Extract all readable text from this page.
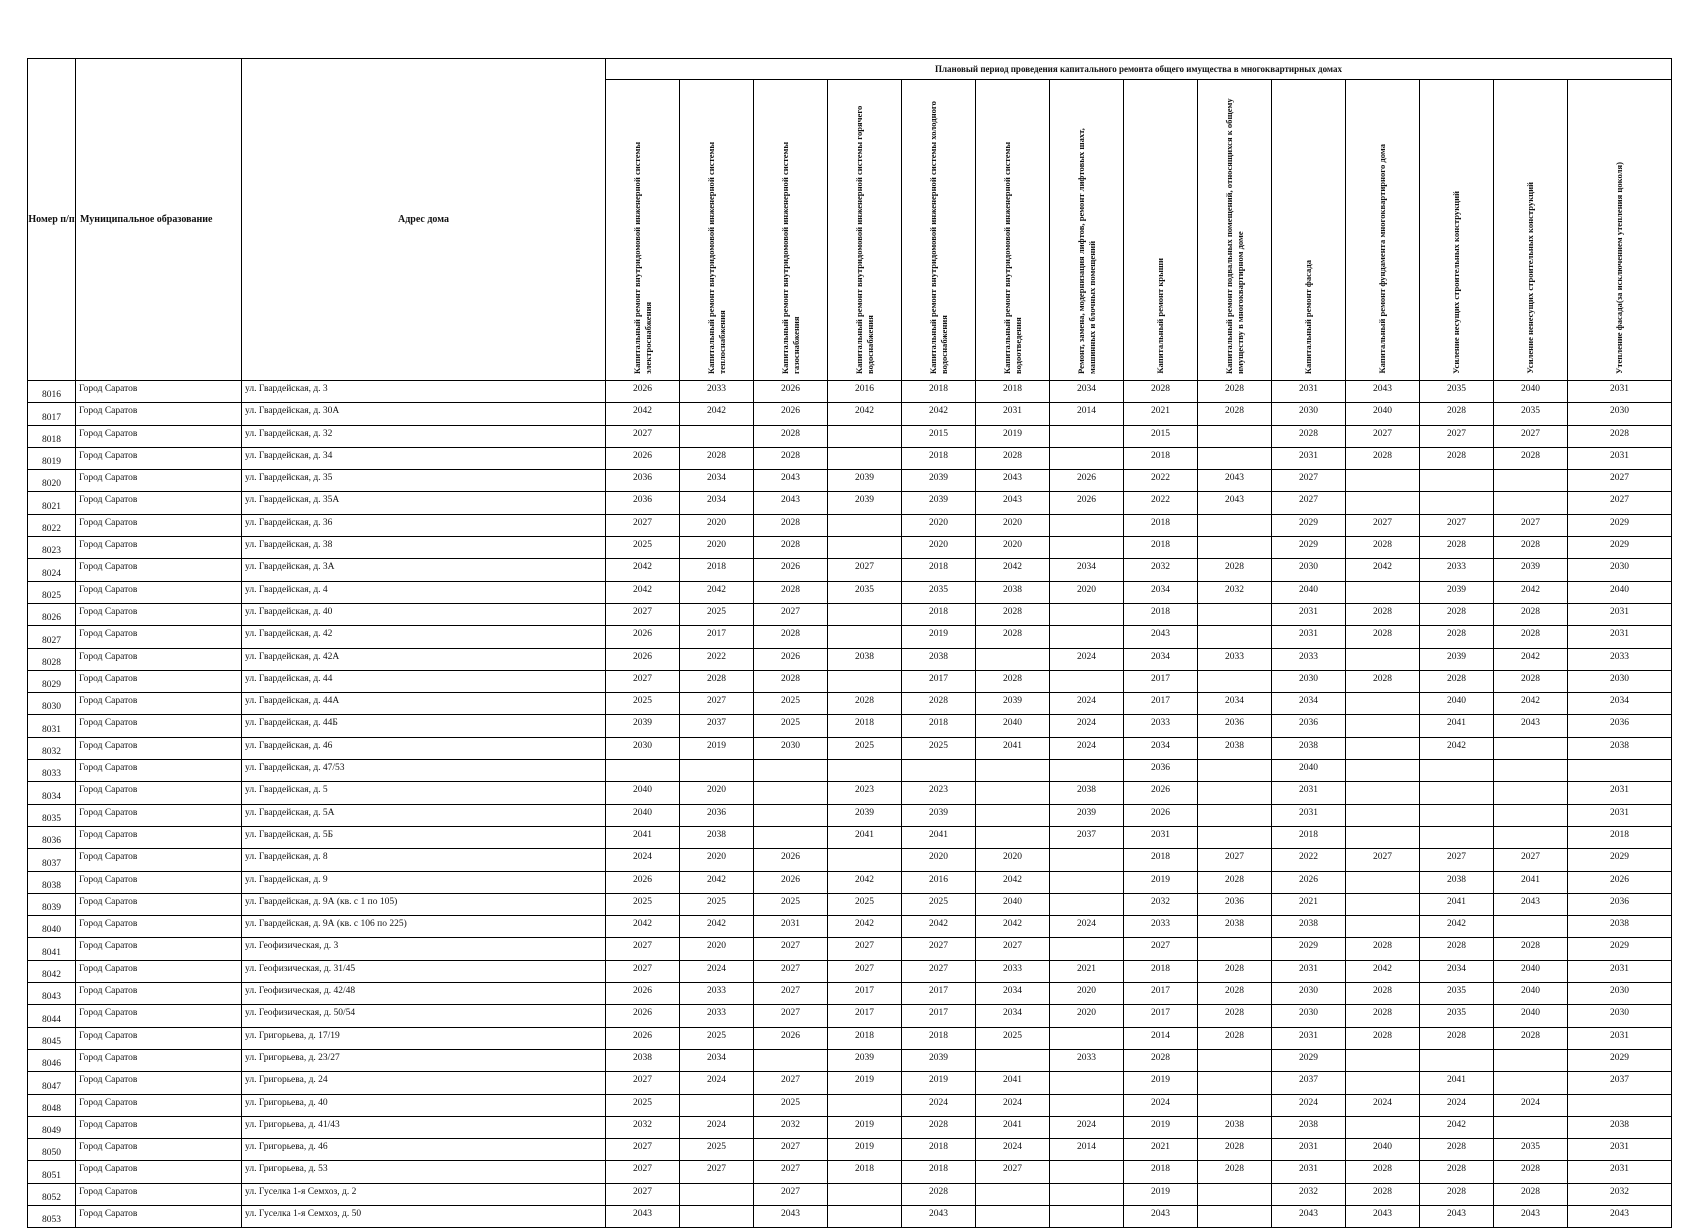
Номер п/п	Муниципальное образование	Адрес дома	Плановый период проведения капитального ремонта общего имущества в многоквартирных домах													

			Капитальный ремонт внутридомовой инженерной системы электроснабжения	Капитальный ремонт внутридомовой инженерной системы теплоснабжения	Капитальный ремонт внутридомовой инженерной системы газоснабжения	Капитальный ремонт внутридомовой инженерной системы горячего водоснабжения	Капитальный ремонт внутридомовой инженерной системы холодного водоснабжения	Капитальный ремонт внутридомовой инженерной системы водоотведения	Ремонт, замена, модернизация лифтов, ремонт лифтовых шахт, машинных и блочных помещений	Капитальный ремонт крыши	Капитальный ремонт подвальных помещений, относящихся к общему имуществу в многоквартирном доме	Капитальный ремонт фасада	Капитальный ремонт фундамента многоквартирного дома	Усиление несущих строительных конструкций	Усиление ненесущих строительных конструкций	Утепление фасада(за исключением утепления цоколя)

8016	Город Саратов	ул. Гвардейская, д. 3	2026	2033	2026	2016	2018	2018	2034	2028	2028	2031	2043	2035	2040	2031
8017	Город Саратов	ул. Гвардейская, д. 30А	2042	2042	2026	2042	2042	2031	2014	2021	2028	2030	2040	2028	2035	2030
8018	Город Саратов	ул. Гвардейская, д. 32	2027		2028		2015	2019		2015		2028	2027	2027	2027	2028
8019	Город Саратов	ул. Гвардейская, д. 34	2026	2028	2028		2018	2028		2018		2031	2028	2028	2028	2031
8020	Город Саратов	ул. Гвардейская, д. 35	2036	2034	2043	2039	2039	2043	2026	2022	2043	2027				2027
8021	Город Саратов	ул. Гвардейская, д. 35А	2036	2034	2043	2039	2039	2043	2026	2022	2043	2027				2027
8022	Город Саратов	ул. Гвардейская, д. 36	2027	2020	2028		2020	2020		2018		2029	2027	2027	2027	2029
8023	Город Саратов	ул. Гвардейская, д. 38	2025	2020	2028		2020	2020		2018		2029	2028	2028	2028	2029
8024	Город Саратов	ул. Гвардейская, д. 3А	2042	2018	2026	2027	2018	2042	2034	2032	2028	2030	2042	2033	2039	2030
8025	Город Саратов	ул. Гвардейская, д. 4	2042	2042	2028	2035	2035	2038	2020	2034	2032	2040		2039	2042	2040
8026	Город Саратов	ул. Гвардейская, д. 40	2027	2025	2027		2018	2028		2018		2031	2028	2028	2028	2031
8027	Город Саратов	ул. Гвардейская, д. 42	2026	2017	2028		2019	2028		2043		2031	2028	2028	2028	2031
8028	Город Саратов	ул. Гвардейская, д. 42А	2026	2022	2026	2038	2038		2024	2034	2033	2033		2039	2042	2033
8029	Город Саратов	ул. Гвардейская, д. 44	2027	2028	2028		2017	2028		2017		2030	2028	2028	2028	2030
8030	Город Саратов	ул. Гвардейская, д. 44А	2025	2027	2025	2028	2028	2039	2024	2017	2034	2034		2040	2042	2034
8031	Город Саратов	ул. Гвардейская, д. 44Б	2039	2037	2025	2018	2018	2040	2024	2033	2036	2036		2041	2043	2036
8032	Город Саратов	ул. Гвардейская, д. 46	2030	2019	2030	2025	2025	2041	2024	2034	2038	2038		2042		2038
8033	Город Саратов	ул. Гвардейская, д. 47/53								2036		2040				
8034	Город Саратов	ул. Гвардейская, д. 5	2040	2020		2023	2023		2038	2026		2031				2031
8035	Город Саратов	ул. Гвардейская, д. 5А	2040	2036		2039	2039		2039	2026		2031				2031
8036	Город Саратов	ул. Гвардейская, д. 5Б	2041	2038		2041	2041		2037	2031		2018				2018
8037	Город Саратов	ул. Гвардейская, д. 8	2024	2020	2026		2020	2020		2018	2027	2022	2027	2027	2027	2029
8038	Город Саратов	ул. Гвардейская, д. 9	2026	2042	2026	2042	2016	2042		2019	2028	2026		2038	2041	2026
8039	Город Саратов	ул. Гвардейская, д. 9А (кв. с 1 по 105)	2025	2025	2025	2025	2025	2040		2032	2036	2021		2041	2043	2036
8040	Город Саратов	ул. Гвардейская, д. 9А (кв. с 106 по 225)	2042	2042	2031	2042	2042	2042	2024	2033	2038	2038		2042		2038
8041	Город Саратов	ул. Геофизическая, д. 3	2027	2020	2027	2027	2027	2027		2027		2029	2028	2028	2028	2029
8042	Город Саратов	ул. Геофизическая, д. 31/45	2027	2024	2027	2027	2027	2033	2021	2018	2028	2031	2042	2034	2040	2031
8043	Город Саратов	ул. Геофизическая, д. 42/48	2026	2033	2027	2017	2017	2034	2020	2017	2028	2030	2028	2035	2040	2030
8044	Город Саратов	ул. Геофизическая, д. 50/54	2026	2033	2027	2017	2017	2034	2020	2017	2028	2030	2028	2035	2040	2030
8045	Город Саратов	ул. Григорьева, д. 17/19	2026	2025	2026	2018	2018	2025		2014	2028	2031	2028	2028	2028	2031
8046	Город Саратов	ул. Григорьева, д. 23/27	2038	2034		2039	2039		2033	2028		2029				2029
8047	Город Саратов	ул. Григорьева, д. 24	2027	2024	2027	2019	2019	2041		2019		2037		2041		2037
8048	Город Саратов	ул. Григорьева, д. 40	2025		2025		2024	2024		2024		2024	2024	2024	2024	
8049	Город Саратов	ул. Григорьева, д. 41/43	2032	2024	2032	2019	2028	2041	2024	2019	2038	2038		2042		2038
8050	Город Саратов	ул. Григорьева, д. 46	2027	2025	2027	2019	2018	2024	2014	2021	2028	2031	2040	2028	2035	2031
8051	Город Саратов	ул. Григорьева, д. 53	2027	2027	2027	2018	2018	2027		2018	2028	2031	2028	2028	2028	2031
8052	Город Саратов	ул. Гуселка 1-я Семхоз, д. 2	2027		2027		2028			2019		2032	2028	2028	2028	2032
8053	Город Саратов	ул. Гуселка 1-я Семхоз, д. 50	2043		2043		2043			2043		2043	2043	2043	2043	2043
